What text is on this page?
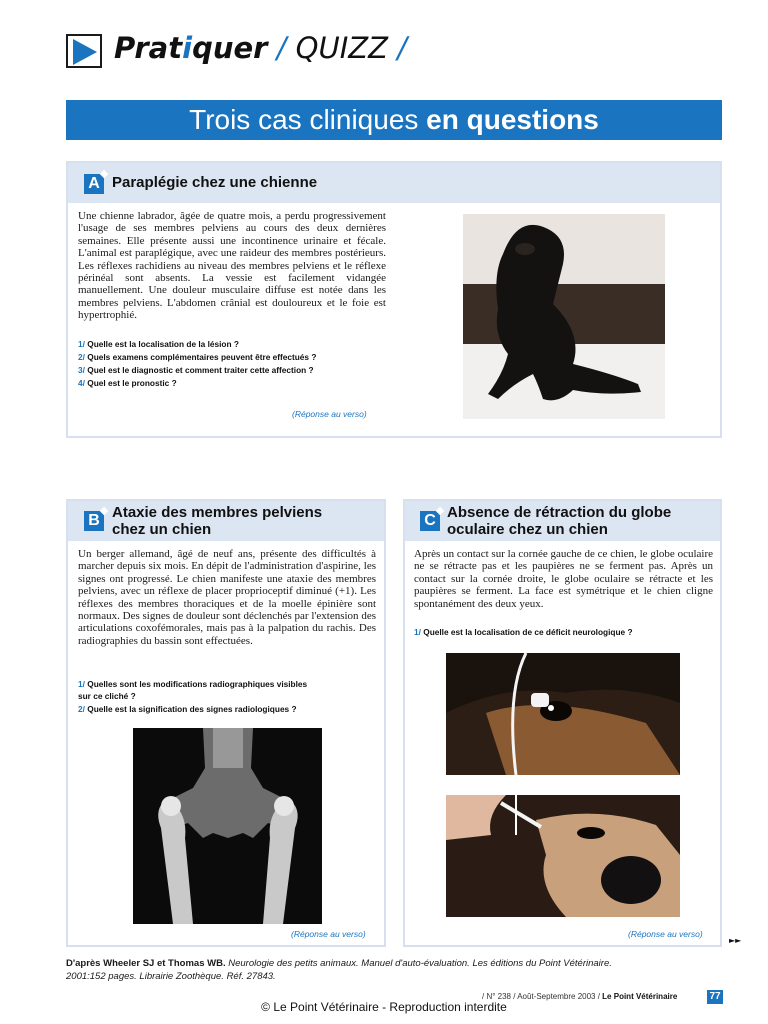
Pratiquer / QUIZZ /
Trois cas cliniques en questions
A Paraplégie chez une chienne
Une chienne labrador, âgée de quatre mois, a perdu progressivement l'usage de ses membres pelviens au cours des deux dernières semaines. Elle présente aussi une incontinence urinaire et fécale. L'animal est paraplégique, avec une raideur des membres postérieurs. Les réflexes rachidiens au niveau des membres pelviens et le réflexe périnéal sont absents. La vessie est facilement vidangée manuellement. Une douleur musculaire diffuse est notée dans les membres pelviens. L'abdomen crânial est douloureux et le foie est hypertrophié.
1/ Quelle est la localisation de la lésion ?
2/ Quels examens complémentaires peuvent être effectués ?
3/ Quel est le diagnostic et comment traiter cette affection ?
4/ Quel est le pronostic ?
(Réponse au verso)
B Ataxie des membres pelviens
chez un chien
Un berger allemand, âgé de neuf ans, présente des difficultés à marcher depuis six mois. En dépit de l'administration d'aspirine, les signes ont progressé. Le chien manifeste une ataxie des membres pelviens, avec un réflexe de placer proprioceptif diminué (+1). Les réflexes des membres thoraciques et de la moelle épinière sont normaux. Des signes de douleur sont déclenchés par l'extension des articulations coxofémorales, mais pas à la palpation du rachis. Des radiographies du bassin sont effectuées.
1/ Quelles sont les modifications radiographiques visibles
sur ce cliché ?
2/ Quelle est la signification des signes radiologiques ?
(Réponse au verso)
C Absence de rétraction du globe
oculaire chez un chien
Après un contact sur la cornée gauche de ce chien, le globe oculaire ne se rétracte pas et les paupières ne se ferment pas. Après un contact sur la cornée droite, le globe oculaire se rétracte et les paupières se ferment. La face est symétrique et le chien cligne spontanément des deux yeux.
1/ Quelle est la localisation de ce déficit neurologique ?
(Réponse au verso)
D'après Wheeler SJ et Thomas WB. Neurologie des petits animaux. Manuel d'auto-évaluation. Les éditions du Point Vétérinaire.
2001:152 pages. Librairie Zoothèque. Réf. 27843.
►►
/ N° 238 / Août-Septembre 2003 / Le Point Vétérinaire	77
© Le Point Vétérinaire - Reproduction interdite
